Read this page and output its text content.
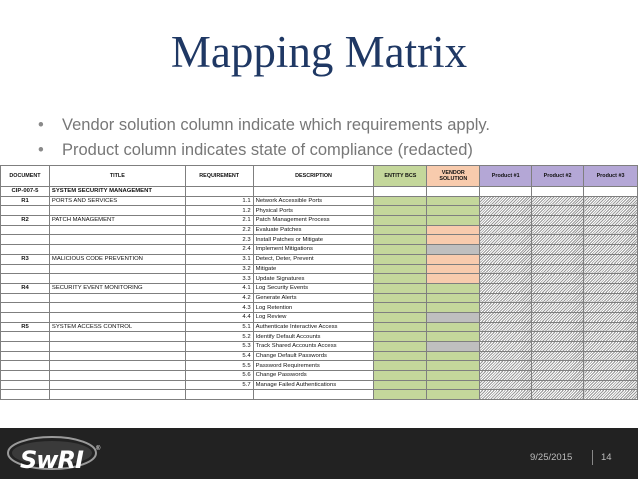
Mapping Matrix
• Vendor solution column indicate which requirements apply.
• Product column indicates state of compliance (redacted)
DOCUMENT	TITLE	REQUIREMENT	DESCRIPTION	ENTITY BCS	VENDOR SOLUTION	Product #1	Product #2	Product #3
CIP-007-5	SYSTEM SECURITY MANAGEMENT							
R1	PORTS AND SERVICES	1.1	Network Accessible Ports					
		1.2	Physical Ports					
R2	PATCH MANAGEMENT	2.1	Patch Management Process					
		2.2	Evaluate Patches					
		2.3	Install Patches or Mitigate					
		2.4	Implement Mitigations					
R3	MALICIOUS CODE PREVENTION	3.1	Detect, Deter, Prevent					
		3.2	Mitigate					
		3.3	Update Signatures					
R4	SECURITY EVENT MONITORING	4.1	Log Security Events					
		4.2	Generate Alerts					
		4.3	Log Retention					
		4.4	Log Review					
R5	SYSTEM ACCESS CONTROL	5.1	Authenticate Interactive Access					
		5.2	Identify Default Accounts					
		5.3	Track Shared Accounts Access					
		5.4	Change Default Passwords					
		5.5	Password Requirements					
		5.6	Change Passwords					
		5.7	Manage Failed Authentications					

SwRI ®
9/25/2015	14
